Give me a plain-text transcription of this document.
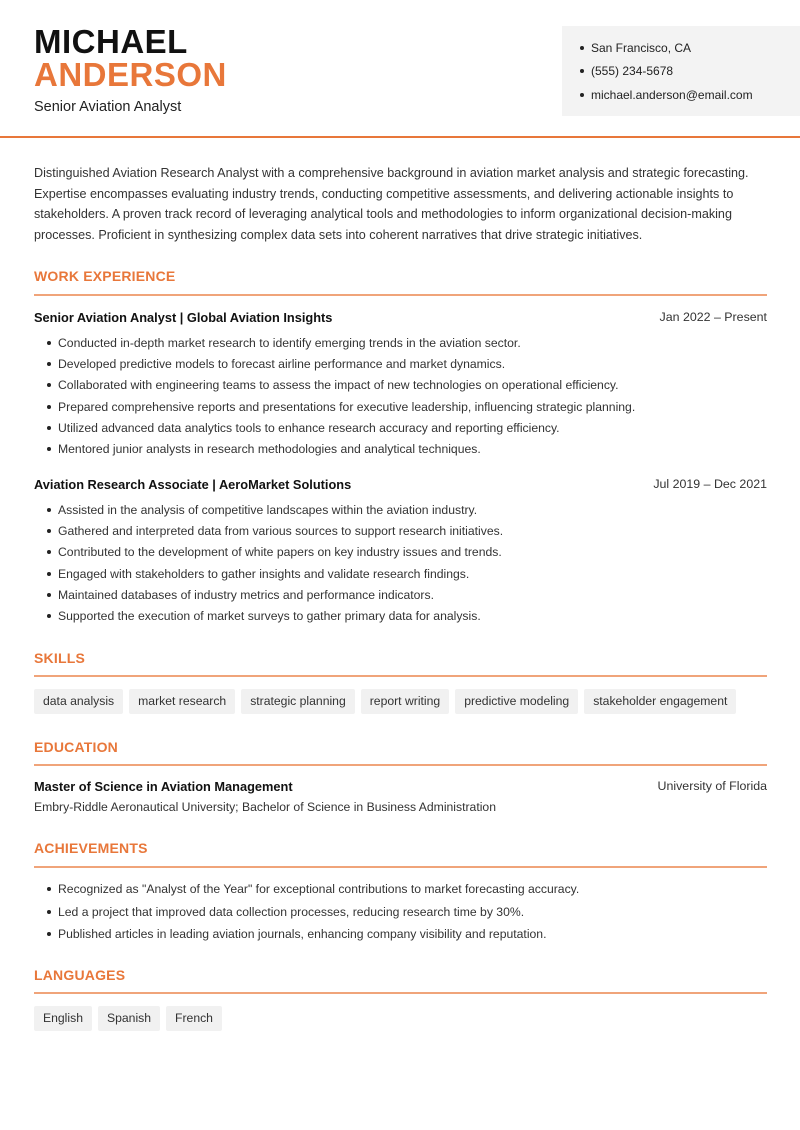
MICHAEL
ANDERSON
Senior Aviation Analyst
San Francisco, CA
(555) 234-5678
michael.anderson@email.com

Distinguished Aviation Research Analyst with a comprehensive background in aviation market analysis and strategic forecasting. Expertise encompasses evaluating industry trends, conducting competitive assessments, and delivering actionable insights to stakeholders. A proven track record of leveraging analytical tools and methodologies to inform organizational decision-making processes. Proficient in synthesizing complex data sets into coherent narratives that drive strategic initiatives.

WORK EXPERIENCE
Senior Aviation Analyst | Global Aviation Insights	Jan 2022 – Present
Conducted in-depth market research to identify emerging trends in the aviation sector.
Developed predictive models to forecast airline performance and market dynamics.
Collaborated with engineering teams to assess the impact of new technologies on operational efficiency.
Prepared comprehensive reports and presentations for executive leadership, influencing strategic planning.
Utilized advanced data analytics tools to enhance research accuracy and reporting efficiency.
Mentored junior analysts in research methodologies and analytical techniques.
Aviation Research Associate | AeroMarket Solutions	Jul 2019 – Dec 2021
Assisted in the analysis of competitive landscapes within the aviation industry.
Gathered and interpreted data from various sources to support research initiatives.
Contributed to the development of white papers on key industry issues and trends.
Engaged with stakeholders to gather insights and validate research findings.
Maintained databases of industry metrics and performance indicators.
Supported the execution of market surveys to gather primary data for analysis.
SKILLS
data analysis	market research	strategic planning	report writing	predictive modeling	stakeholder engagement
EDUCATION
Master of Science in Aviation Management	University of Florida
Embry-Riddle Aeronautical University; Bachelor of Science in Business Administration
ACHIEVEMENTS
Recognized as "Analyst of the Year" for exceptional contributions to market forecasting accuracy.
Led a project that improved data collection processes, reducing research time by 30%.
Published articles in leading aviation journals, enhancing company visibility and reputation.
LANGUAGES
English	Spanish	French
